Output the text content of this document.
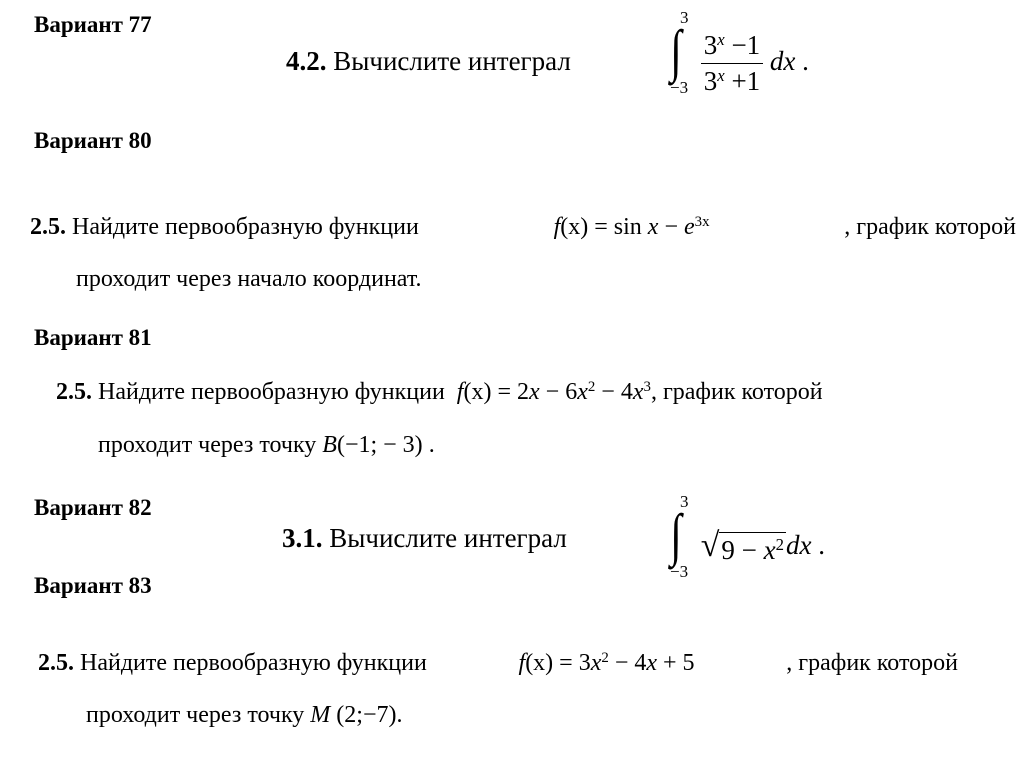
Вариант 77
Вариант 80
Вариант 81
Вариант 82
Вариант 83
4.2. Вычислите интеграл ∫
3
−3
$\frac{3^x -1}{3^x +1}$ dx .
2.5. Найдите первообразную функции	$f(x) = \sin x - e^{3x}$	, график которой
проходит через начало координат.
2.5. Найдите первообразную функции $f(x) = 2x - 6x^2 - 4x^3$, график которой
проходит через точку B(−1; − 3) .
3.1. Вычислите интеграл ∫
3
−3

√ $9 - x^2$ dx .
2.5. Найдите первообразную функции	$f(x) = 3x^2 - 4x + 5$	, график которой
проходит через точку M (2;−7).
